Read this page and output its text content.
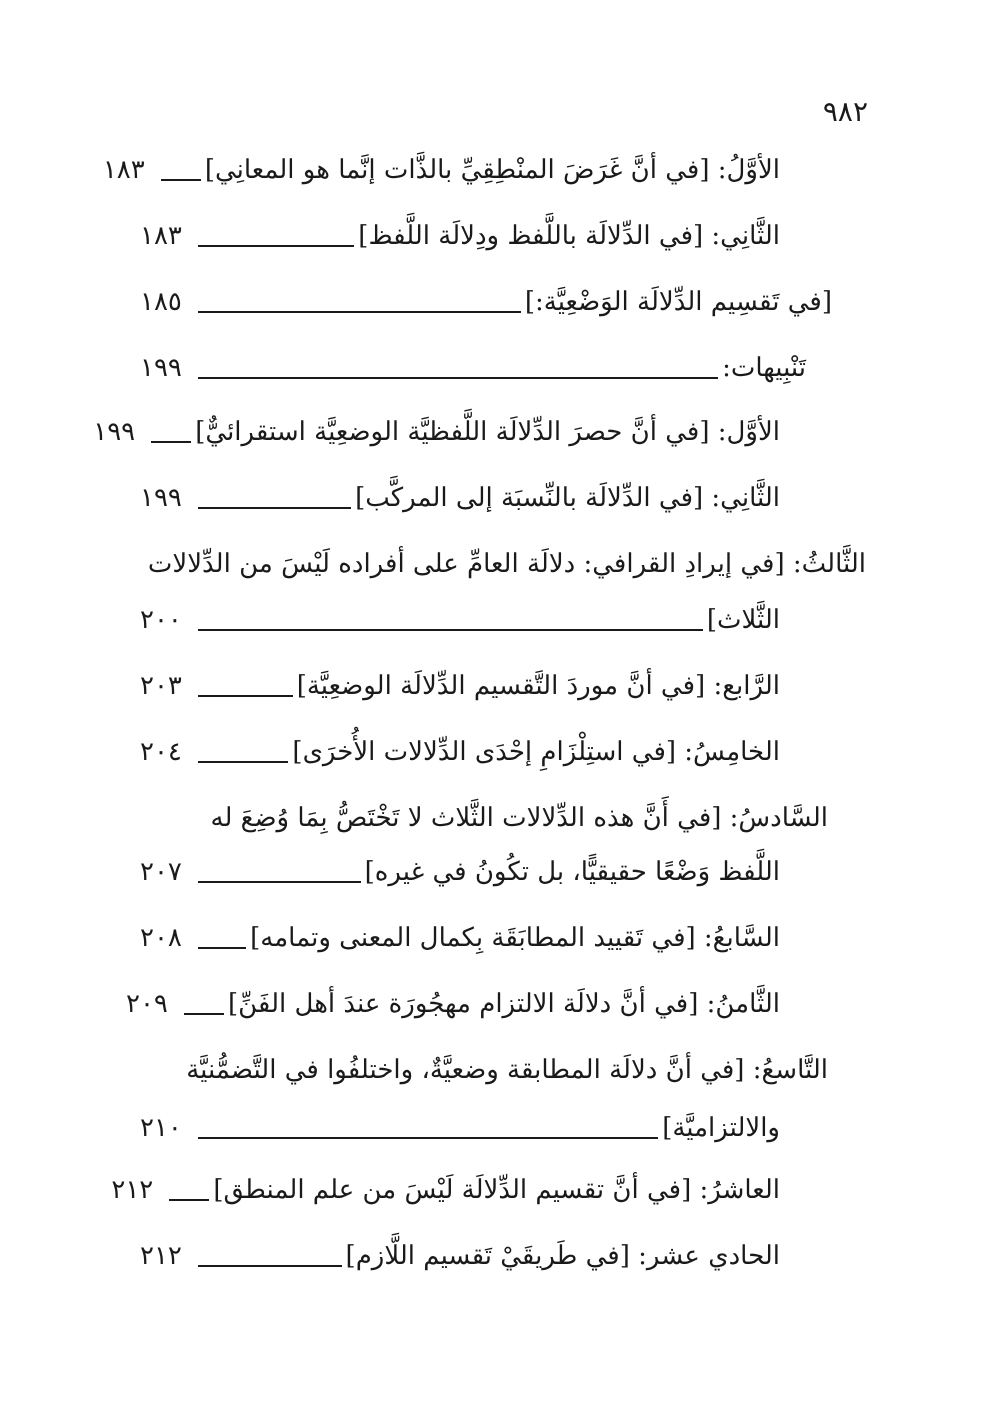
٩٨٢
الأوَّلُ: [في أنَّ غَرَضَ المنْطِقِيِّ بالذَّات إنَّما هو المعانِي]
١٨٣
الثَّانِي: [في الدِّلالَة باللَّفظ ودِلالَة اللَّفظ]
١٨٣
[في تَقسِيم الدِّلالَة الوَضْعِيَّة:]
١٨٥
تَنْبِيهات:
١٩٩
الأوَّل: [في أنَّ حصرَ الدِّلالَة اللَّفظيَّة الوضعِيَّة استقرائيٌّ]
١٩٩
الثَّانِي: [في الدِّلالَة بالنِّسبَة إلى المركَّب]
١٩٩
الثَّالثُ: [في إيرادِ القرافي: دلالَة العامِّ على أفراده لَيْسَ من الدِّلالات
الثَّلاث]
٢٠٠
الرَّابع: [في أنَّ موردَ التَّقسيم الدِّلالَة الوضعِيَّة]
٢٠٣
الخامِسُ: [في استِلْزَامِ إحْدَى الدِّلالات الأُخرَى]
٢٠٤
السَّادسُ: [في أَنَّ هذه الدِّلالات الثَّلاث لا تَخْتَصُّ بِمَا وُضِعَ له
اللَّفظ وَضْعًا حقيقيًّا، بل تكُونُ في غيره]
٢٠٧
السَّابعُ: [في تَقييد المطابَقَة بِكمال المعنى وتمامه]
٢٠٨
الثَّامنُ: [في أنَّ دلالَة الالتزام مهجُورَة عندَ أهل الفَنِّ]
٢٠٩
التَّاسعُ: [في أنَّ دلالَة المطابقة وضعيَّةٌ، واختلفُوا في التَّضمُّنيَّة
والالتزاميَّة]
٢١٠
العاشرُ: [في أنَّ تقسيم الدِّلالَة لَيْسَ من علم المنطق]
٢١٢
الحادي عشر: [في طَريقَيْ تَقسيم اللَّازم]
٢١٢
